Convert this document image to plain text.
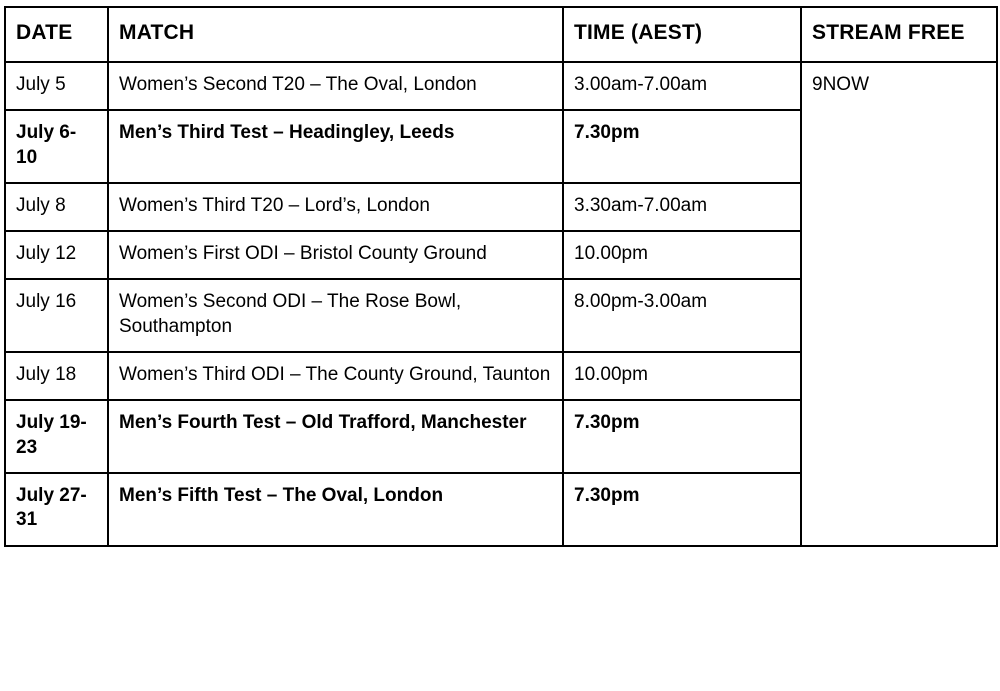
DATE	MATCH	TIME (AEST)	STREAM FREE
July 5	Women’s Second T20 – The Oval, London	3.00am-7.00am	9NOW
July 6-10	Men’s Third Test – Headingley, Leeds	7.30pm	
July 8	Women’s Third T20 – Lord’s, London	3.30am-7.00am	
July 12	Women’s First ODI – Bristol County Ground	10.00pm	
July 16	Women’s Second ODI – The Rose Bowl, Southampton	8.00pm-3.00am	
July 18	Women’s Third ODI – The County Ground, Taunton	10.00pm	
July 19-23	Men’s Fourth Test – Old Trafford, Manchester	7.30pm	
July 27-31	Men’s Fifth Test – The Oval, London	7.30pm	
